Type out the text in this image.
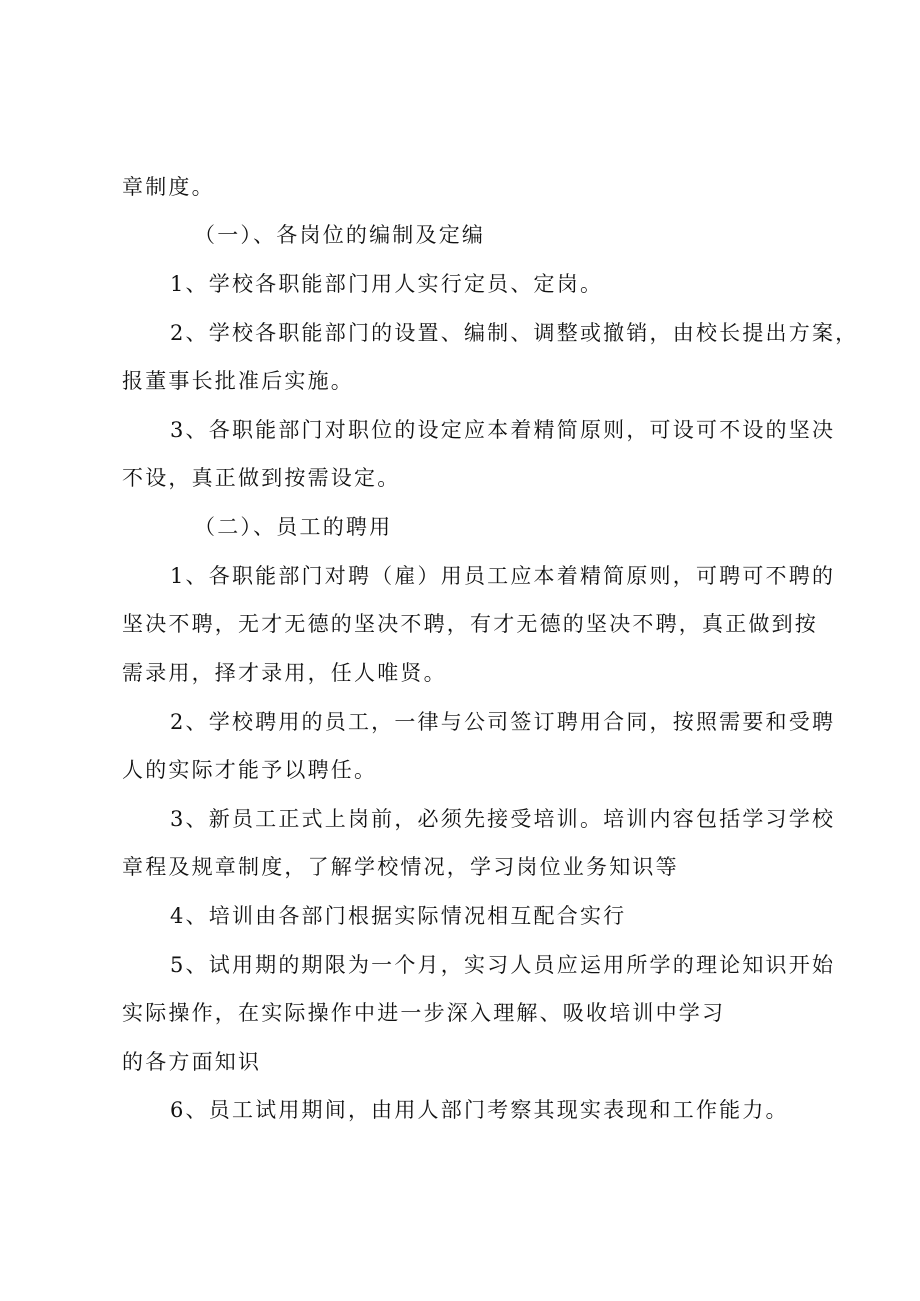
章制度。
（一）、各岗位的编制及定编
1、学校各职能部门用人实行定员、定岗。
2、学校各职能部门的设置、编制、调整或撤销，由校长提出方案，
报董事长批准后实施。
3、各职能部门对职位的设定应本着精简原则，可设可不设的坚决
不设，真正做到按需设定。
（二）、员工的聘用
1、各职能部门对聘（雇）用员工应本着精简原则，可聘可不聘的
坚决不聘，无才无德的坚决不聘，有才无德的坚决不聘，真正做到按
需录用，择才录用，任人唯贤。
2、学校聘用的员工，一律与公司签订聘用合同，按照需要和受聘
人的实际才能予以聘任。
3、新员工正式上岗前，必须先接受培训。培训内容包括学习学校
章程及规章制度，了解学校情况，学习岗位业务知识等
4、培训由各部门根据实际情况相互配合实行
5、试用期的期限为一个月，实习人员应运用所学的理论知识开始
实际操作，在实际操作中进一步深入理解、吸收培训中学习
的各方面知识
6、员工试用期间，由用人部门考察其现实表现和工作能力。
